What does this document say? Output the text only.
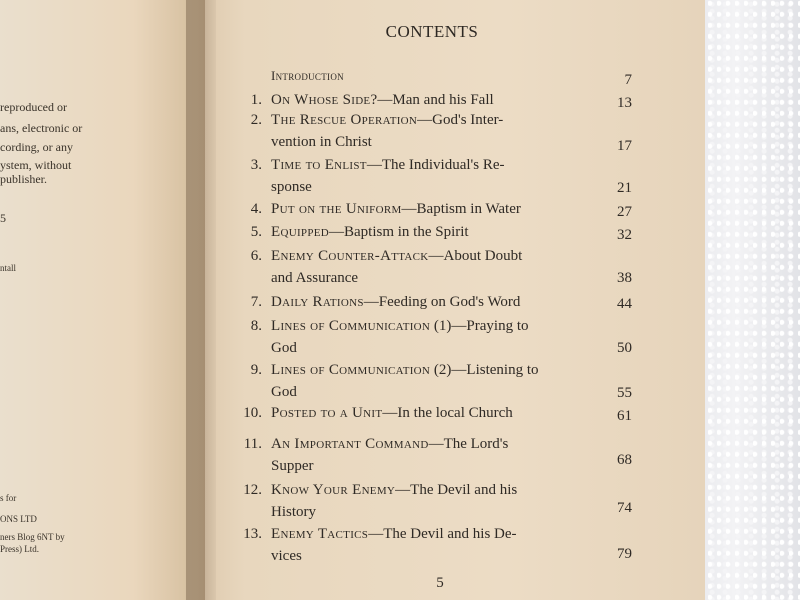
reproduced or
ans, electronic or
cording, or any
ystem, without
publisher.
5
ntall
s for
ONS LTD
ners Blog 6NT by
Press) Ltd.
CONTENTS
Introduction	7
1. On Whose Side?—Man and his Fall	13
2. The Rescue Operation—God's Inter-
vention in Christ	17
3. Time to Enlist—The Individual's Re-
sponse	21
4. Put on the Uniform—Baptism in Water	27
5. Equipped—Baptism in the Spirit	32
6. Enemy Counter-Attack—About Doubt
and Assurance	38
7. Daily Rations—Feeding on God's Word	44
8. Lines of Communication (1)—Praying to
God	50
9. Lines of Communication (2)—Listening to
God	55
10. Posted to a Unit—In the local Church	61
11. An Important Command—The Lord's
Supper	68
12. Know Your Enemy—The Devil and his
History	74
13. Enemy Tactics—The Devil and his De-
vices	79
5
